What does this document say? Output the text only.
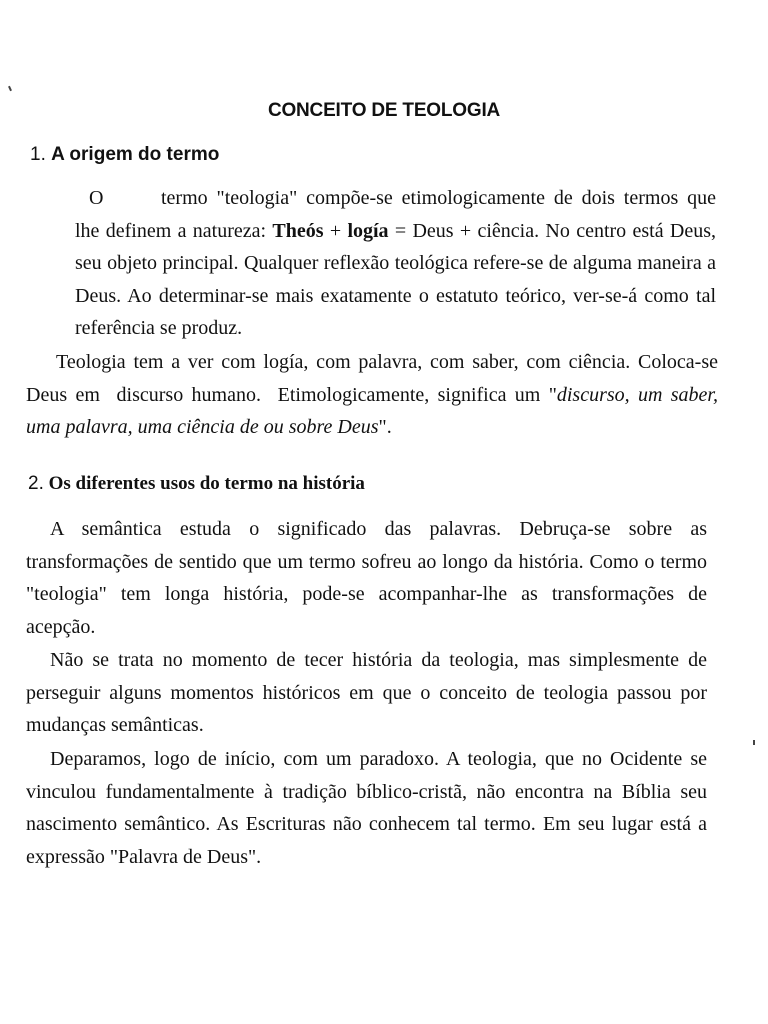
CONCEITO DE TEOLOGIA
1. A origem do termo
O	termo "teologia" compõe-se etimologicamente de dois termos que lhe definem a natureza: Theós + logía = Deus + ciência. No centro está Deus, seu objeto principal. Qualquer reflexão teológica refere-se de alguma maneira a Deus. Ao determinar-se mais exatamente o estatuto teórico, ver-se-á como tal referência se produz.
Teologia tem a ver com logía, com palavra, com saber, com ciência. Coloca-se Deus em  discurso humano.  Etimologicamente, significa um "discurso, um saber, uma palavra, uma ciência de ou sobre Deus".
2. Os diferentes usos do termo na história
A semântica estuda o significado das palavras. Debruça-se sobre as transformações de sentido que um termo sofreu ao longo da história. Como o termo "teologia" tem longa história, pode-se acompanhar-lhe as transformações de acepção.
Não se trata no momento de tecer história da teologia, mas simplesmente de perseguir alguns momentos históricos em que o conceito de teologia passou por mudanças semânticas.
Deparamos, logo de início, com um paradoxo. A teologia, que no Ocidente se vinculou fundamentalmente à tradição bíblico-cristã, não encontra na Bíblia seu nascimento semântico. As Escrituras não conhecem tal termo. Em seu lugar está a expressão "Palavra de Deus".
